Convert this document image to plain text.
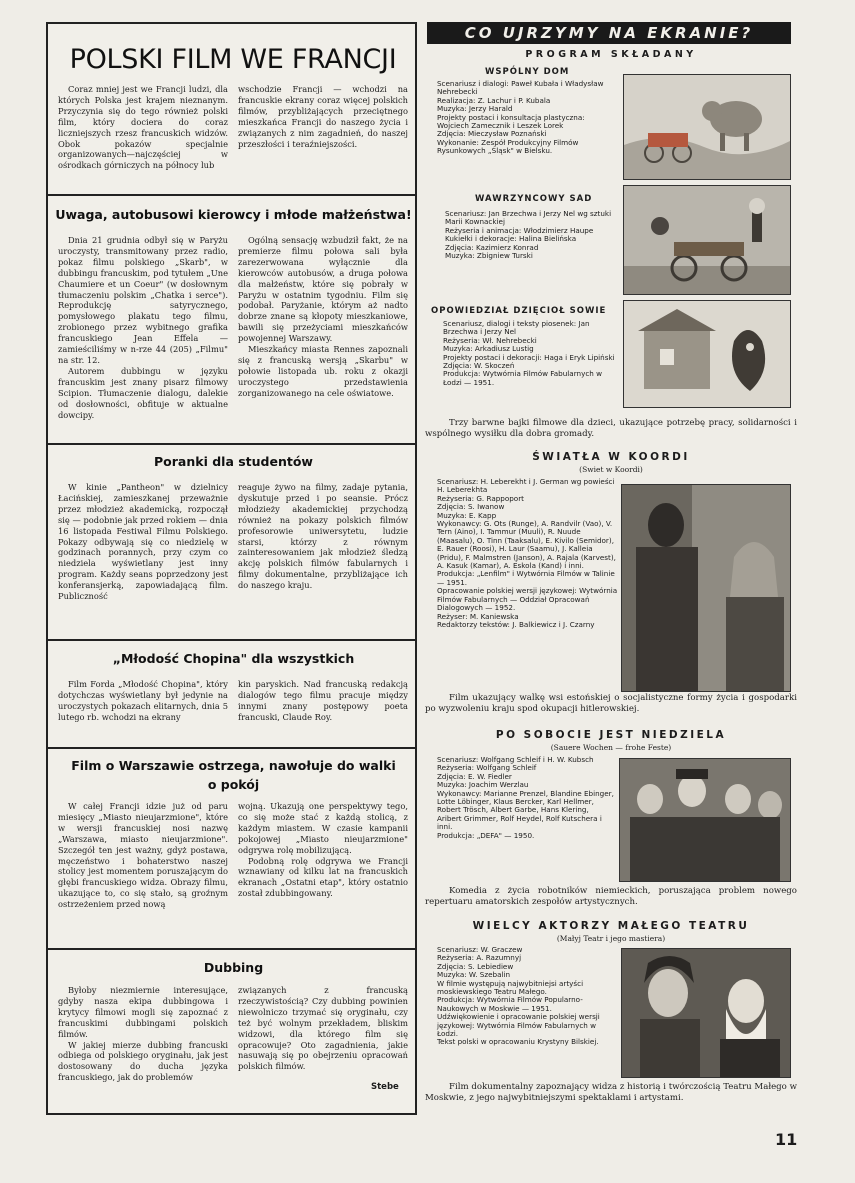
POLSKI FILM WE FRANCJI

Coraz mniej jest we Francji ludzi, dla których Polska jest krajem nieznanym. Przyczynia się do tego również polski film, który dociera do coraz liczniejszych rzesz francuskich widzów. Obok pokazów specjalnie organizowanych—najczęściej w ośrodkach górniczych na północy lub

wschodzie Francji — wchodzi na francuskie ekrany coraz więcej polskich filmów, przybliżających przeciętnego mieszkańca Francji do naszego życia i związanych z nim zagadnień, do naszej przeszłości i teraźniejszości.

Uwaga, autobusowi kierowcy i młode małżeństwa!

Dnia 21 grudnia odbył się w Paryżu uroczysty, transmitowany przez radio, pokaz filmu polskiego „Skarb", w dubbingu francuskim, pod tytułem „Une Chaumiere et un Coeur" (w dosłownym tłumaczeniu polskim „Chatka i serce"). Reprodukcję satyrycznego, pomysłowego plakatu tego filmu, zrobionego przez wybitnego grafika francuskiego Jean Effela — zamieściliśmy w n-rze 44 (205) „Filmu" na str. 12.

Autorem dubbingu w języku francuskim jest znany pisarz filmowy Scipion. Tłumaczenie dialogu, dalekie od dosłowności, obfituje w aktualne dowcipy.

Ogólną sensację wzbudził fakt, że na premierze filmu połowa sali była zarezerwowana wyłącznie dla kierowców autobusów, a druga połowa dla małżeństw, które się pobrały w Paryżu w ostatnim tygodniu. Film się podobał. Paryżanie, którym aż nadto dobrze znane są kłopoty mieszkaniowe, bawili się przeżyciami mieszkańców powojennej Warszawy.

Mieszkańcy miasta Rennes zapoznali się z francuską wersją „Skarbu" w połowie listopada ub. roku z okazji uroczystego przedstawienia zorganizowanego na cele oświatowe.

Poranki dla studentów

W kinie „Pantheon" w dzielnicy Łacińskiej, zamieszkanej przeważnie przez młodzież akademicką, rozpoczął się — podobnie jak przed rokiem — dnia 16 listopada Festiwal Filmu Polskiego. Pokazy odbywają się co niedzielę w godzinach porannych, przy czym co niedziela wyświetlany jest inny program. Każdy seans poprzedzony jest konferansjerką, zapowiadającą film. Publiczność

reaguje żywo na filmy, zadaje pytania, dyskutuje przed i po seansie. Prócz młodzieży akademickiej przychodzą również na pokazy polskich filmów profesorowie uniwersytetu, ludzie starsi, którzy z równym zainteresowaniem jak młodzież śledzą akcję polskich filmów fabularnych i filmy dokumentalne, przybliżające ich do naszego kraju.

„Młodość Chopina" dla wszystkich

Film Forda „Młodość Chopina", który dotychczas wyświetlany był jedynie na uroczystych pokazach elitarnych, dnia 5 lutego rb. wchodzi na ekrany

kin paryskich. Nad francuską redakcją dialogów tego filmu pracuje między innymi znany postępowy poeta francuski, Claude Roy.

Film o Warszawie ostrzega, nawołuje do walki
o pokój

W całej Francji idzie już od paru miesięcy „Miasto nieujarzmione", które w wersji francuskiej nosi nazwę „Warszawa, miasto nieujarzmione". Szczegół ten jest ważny, gdyż postawa, męczeństwo i bohaterstwo naszej stolicy jest momentem poruszającym do głębi francuskiego widza. Obrazy filmu, ukazujące to, co się stało, są groźnym ostrzeżeniem przed nową

wojną. Ukazują one perspektywy tego, co się może stać z każdą stolicą, z każdym miastem. W czasie kampanii pokojowej „Miasto nieujarzmione" odgrywa rolę mobilizującą.

Podobną rolę odgrywa we Francji wznawiany od kilku lat na francuskich ekranach „Ostatni etap", który ostatnio został zdubbingowany.

Dubbing

Byłoby niezmiernie interesujące, gdyby nasza ekipa dubbingowa i krytycy filmowi mogli się zapoznać z francuskimi dubbingami polskich filmów.

W jakiej mierze dubbing francuski odbiega od polskiego oryginału, jak jest dostosowany do ducha języka francuskiego, jak do problemów

związanych z francuską rzeczywistością? Czy dubbing powinien niewolniczo trzymać się oryginału, czy też być wolnym przekładem, bliskim widzowi, dla którego film się opracowuje? Oto zagadnienia, jakie nasuwają się po obejrzeniu opracowań polskich filmów.

Stebe
CO UJRZYMY NA EKRANIE?
PROGRAM SKŁADANY
WSPÓLNY DOM
Scenariusz i dialogi: Paweł Kubała i Władysław Nehrebecki
Realizacja: Z. Lachur i P. Kubala
Muzyka: Jerzy Harald
Projekty postaci i konsultacja plastyczna: Wojciech Zamecznik i Leszek Lorek
Zdjęcia: Mieczysław Poznański
Wykonanie: Zespół Produkcyjny Filmów Rysunkowych „Śląsk" w Bielsku.
WAWRZYNCOWY SAD
Scenariusz: Jan Brzechwa i Jerzy Nel wg sztuki Marii Kownackiej
Reżyseria i animacja: Włodzimierz Haupe
Kukiełki i dekoracje: Halina Bielińska
Zdjęcia: Kazimierz Konrad
Muzyka: Zbigniew Turski
OPOWIEDZIAŁ DZIĘCIOŁ SOWIE
Scenariusz, dialogi i teksty piosenek: Jan Brzechwa i Jerzy Nel
Reżyseria: Wł. Nehrebecki
Muzyka: Arkadiusz Lustig
Projekty postaci i dekoracji: Haga i Eryk Lipiński
Zdjęcia: W. Skoczeń
Produkcja: Wytwórnia Filmów Fabularnych w Łodzi — 1951.

Trzy barwne bajki filmowe dla dzieci, ukazujące potrzebę pracy, solidarności i wspólnego wysiłku dla dobra gromady.

ŚWIATŁA W KOORDI
(Swiet w Koordi)
Scenariusz: H. Leberekht i J. German wg powieści H. Leberekhta
Reżyseria: G. Rappoport
Zdjęcia: S. Iwanow
Muzyka: E. Kapp
Wykonawcy: G. Ots (Runge), A. Randvilr (Vao), V. Tern (Aino), I. Tammur (Muuli), R. Nuude (Maasalu), O. Tinn (Taaksalu), E. Kivilo (Semidor), E. Rauer (Roosi), H. Laur (Saamu), J. Kalleia (Pridu), F. Malmstren (Janson), A. Rajala (Karvest), A. Kasuk (Kamar), A. Eskola (Kand) i inni.
Produkcja: „Lenfilm" i Wytwórnia Filmów w Talinie — 1951.
Opracowanie polskiej wersji językowej: Wytwórnia Filmów Fabularnych — Oddział Opracowań Dialogowych — 1952.
Reżyser: M. Kaniewska
Redaktorzy tekstów: J. Balkiewicz i J. Czarny

Film ukazujący walkę wsi estońskiej o socjalistyczne formy życia i gospodarki po wyzwoleniu kraju spod okupacji hitlerowskiej.

PO SOBOCIE JEST NIEDZIELA
(Sauere Wochen — frohe Feste)
Scenariusz: Wolfgang Schleif i H. W. Kubsch
Reżyseria: Wolfgang Schleif
Zdjęcia: E. W. Fiedler
Muzyka: Joachim Werzlau
Wykonawcy: Marianne Prenzel, Blandine Ebinger, Lotte Löbinger, Klaus Bercker, Karl Hellmer, Robert Trösch, Albert Garbe, Hans Klering, Aribert Grimmer, Rolf Heydel, Rolf Kutschera i inni.
Produkcja: „DEFA" — 1950.

Komedia z życia robotników niemieckich, poruszająca problem nowego repertuaru amatorskich zespołów artystycznych.

WIELCY AKTORZY MAŁEGO TEATRU
(Małyj Teatr i jego mastiera)
Scenariusz: W. Graczew
Reżyseria: A. Razumnyj
Zdjęcia: S. Lebiediew
Muzyka: W. Szebalin
W filmie występują najwybitniejsi artyści moskiewskiego Teatru Małego.
Produkcja: Wytwórnia Filmów Popularno-Naukowych w Moskwie — 1951.
Udźwiękowienie i opracowanie polskiej wersji językowej: Wytwórnia Filmów Fabularnych w Łodzi.
Tekst polski w opracowaniu Krystyny Bilskiej.

Film dokumentalny zapoznający widza z historią i twórczością Teatru Małego w Moskwie, z jego najwybitniejszymi spektaklami i artystami.

11
